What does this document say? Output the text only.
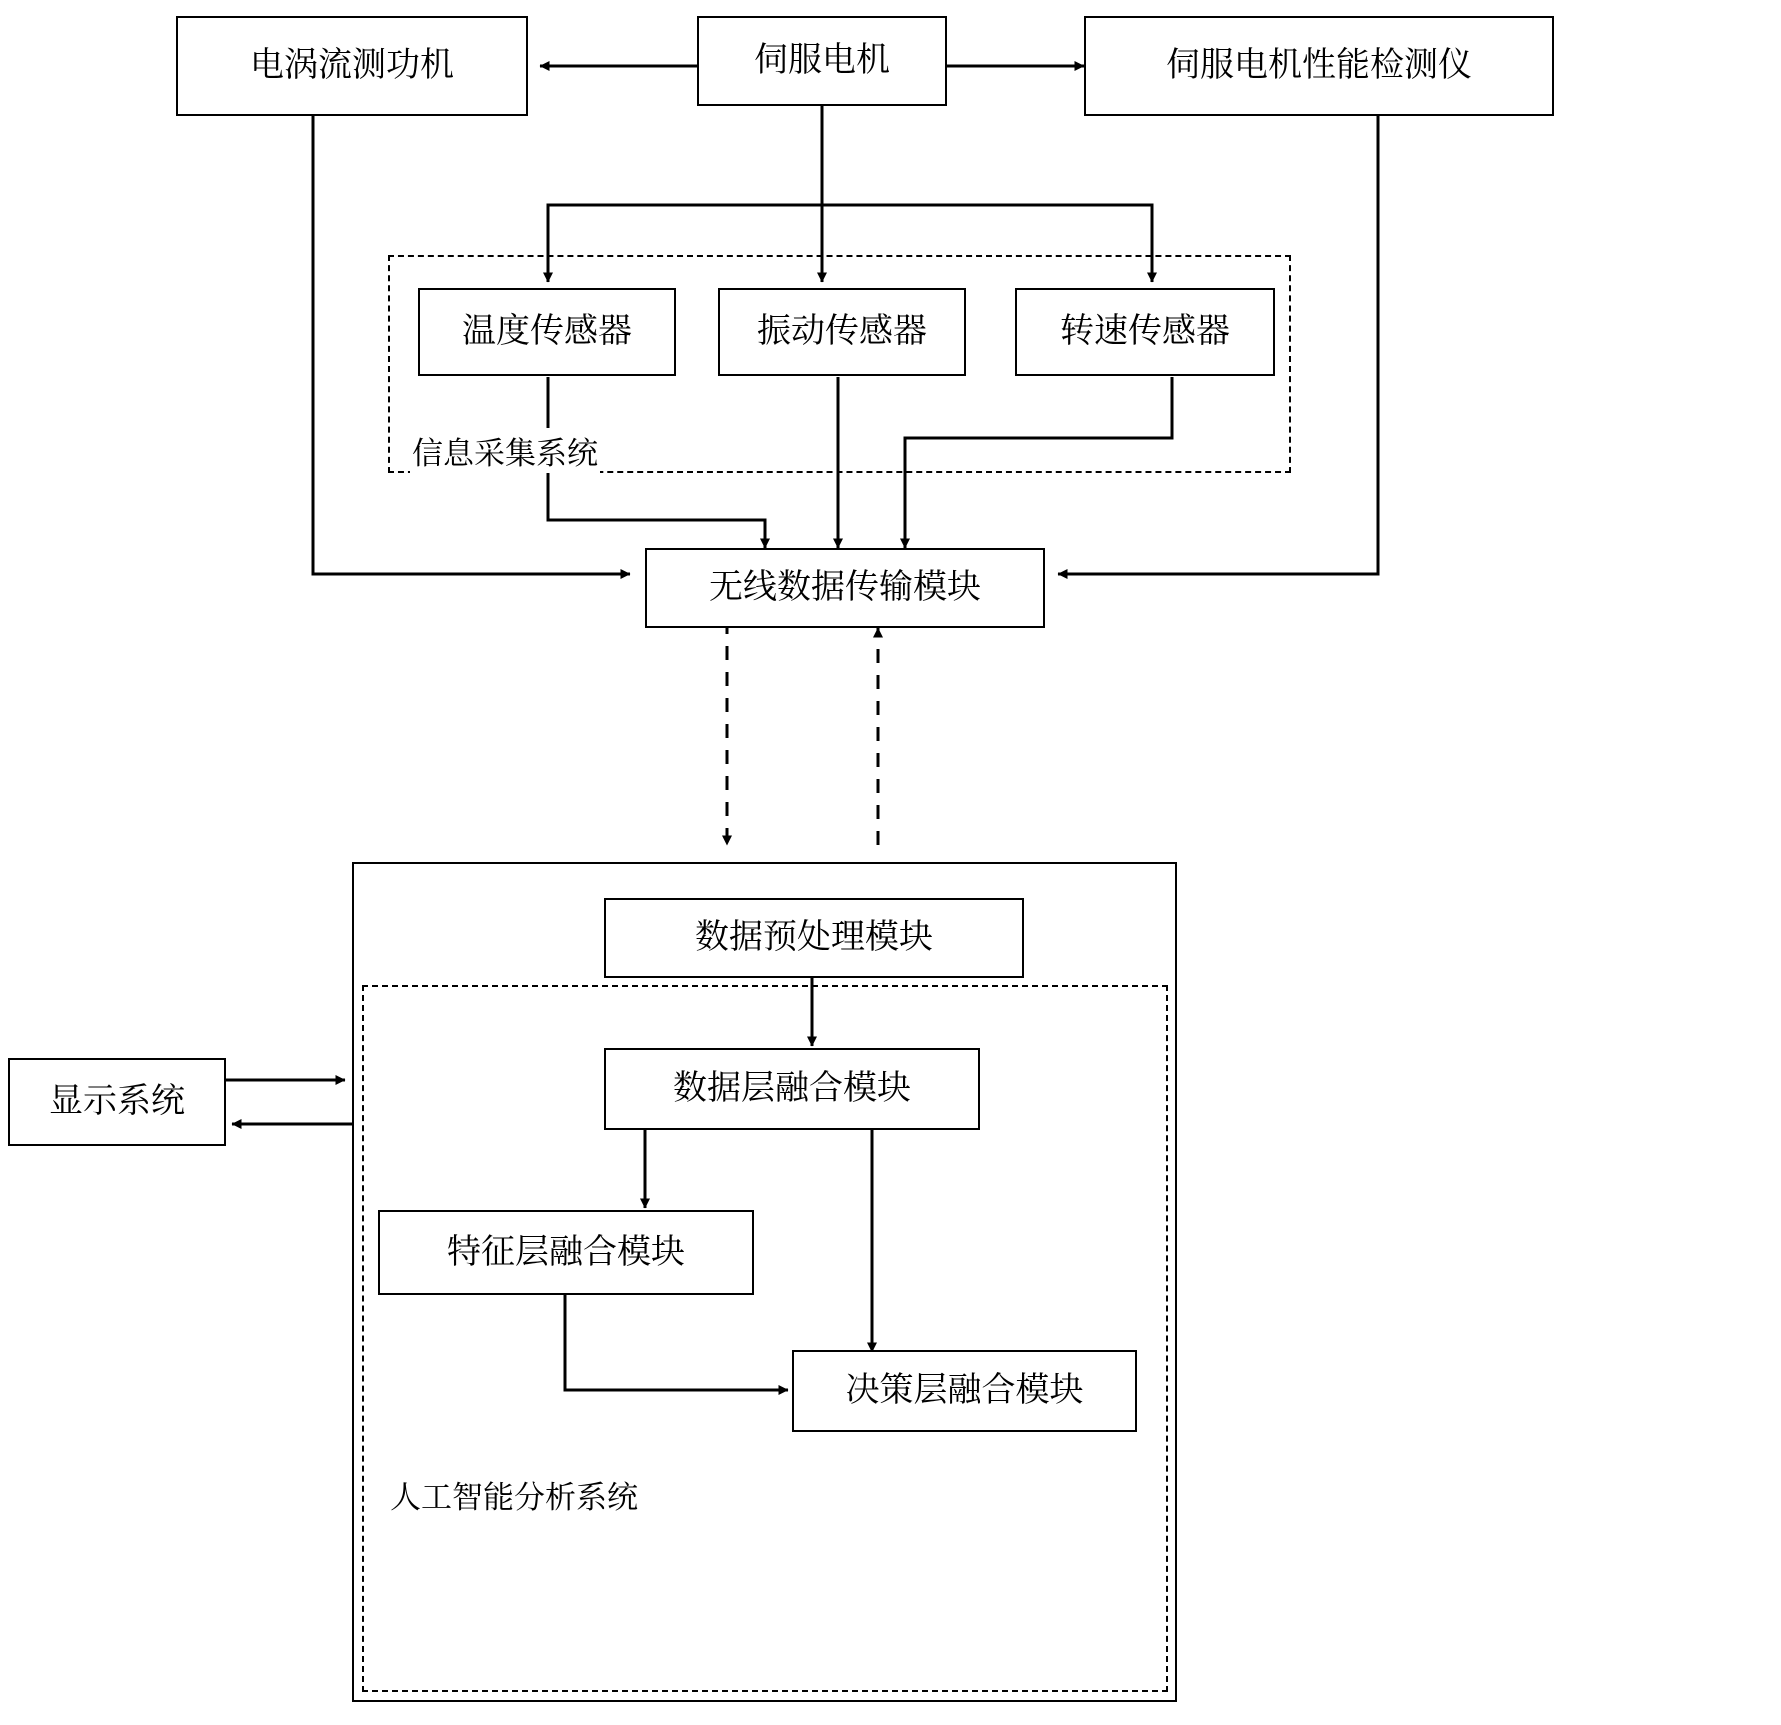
信息采集系统
人工智能分析系统
电涡流测功机	伺服电机	伺服电机性能检测仪
温度传感器	振动传感器	转速传感器
无线数据传输模块
数据预处理模块
数据层融合模块
特征层融合模块
决策层融合模块
显示系统
